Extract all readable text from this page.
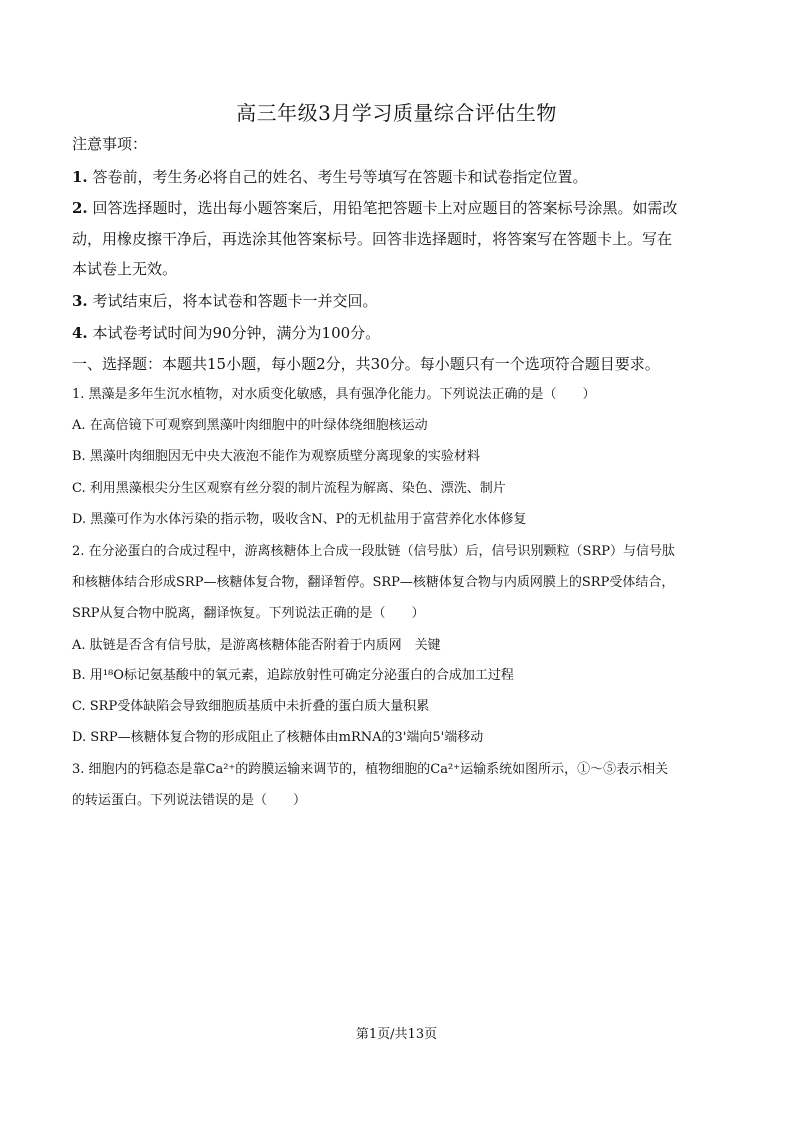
高三年级3月学习质量综合评估生物
注意事项：
1. 答卷前，考生务必将自己的姓名、考生号等填写在答题卡和试卷指定位置。
2. 回答选择题时，选出每小题答案后，用铅笔把答题卡上对应题目的答案标号涂黑。如需改
动，用橡皮擦干净后，再选涂其他答案标号。回答非选择题时，将答案写在答题卡上。写在
本试卷上无效。
3. 考试结束后，将本试卷和答题卡一并交回。
4. 本试卷考试时间为90分钟，满分为100分。
一、选择题：本题共15小题，每小题2分，共30分。每小题只有一个选项符合题目要求。
1. 黑藻是多年生沉水植物，对水质变化敏感，具有强净化能力。下列说法正确的是（　　）
A. 在高倍镜下可观察到黑藻叶肉细胞中的叶绿体绕细胞核运动
B. 黑藻叶肉细胞因无中央大液泡不能作为观察质壁分离现象的实验材料
C. 利用黑藻根尖分生区观察有丝分裂的制片流程为解离、染色、漂洗、制片
D. 黑藻可作为水体污染的指示物，吸收含N、P的无机盐用于富营养化水体修复
2. 在分泌蛋白的合成过程中，游离核糖体上合成一段肽链（信号肽）后，信号识别颗粒（SRP）与信号肽
和核糖体结合形成SRP—核糖体复合物，翻译暂停。SRP—核糖体复合物与内质网膜上的SRP受体结合，
SRP从复合物中脱离，翻译恢复。下列说法正确的是（　　）
A. 肽链是否含有信号肽，是游离核糖体能否附着于内质网　关键
B. 用¹⁸O标记氨基酸中的氧元素，追踪放射性可确定分泌蛋白的合成加工过程
C. SRP受体缺陷会导致细胞质基质中未折叠的蛋白质大量积累
D. SRP—核糖体复合物的形成阻止了核糖体由mRNA的3'端向5'端移动
3. 细胞内的钙稳态是靠Ca²⁺的跨膜运输来调节的，植物细胞的Ca²⁺运输系统如图所示，①～⑤表示相关
的转运蛋白。下列说法错误的是（　　）
第1页/共13页
